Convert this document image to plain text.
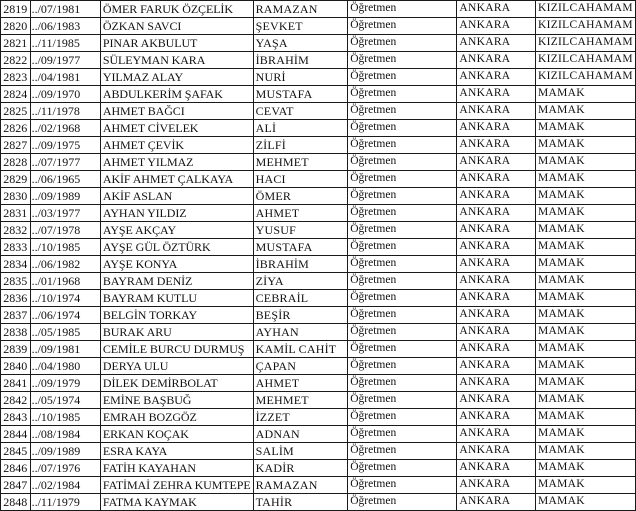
2819	../07/1981	ÖMER FARUK ÖZÇELİK	RAMAZAN	Öğretmen	ANKARA	KIZILCAHAMAM
2820	../06/1983	ÖZKAN SAVCI	ŞEVKET	Öğretmen	ANKARA	KIZILCAHAMAM
2821	../11/1985	PINAR AKBULUT	YAŞA	Öğretmen	ANKARA	KIZILCAHAMAM
2822	../09/1977	SÜLEYMAN KARA	İBRAHİM	Öğretmen	ANKARA	KIZILCAHAMAM
2823	../04/1981	YILMAZ ALAY	NURİ	Öğretmen	ANKARA	KIZILCAHAMAM
2824	../09/1970	ABDULKERİM ŞAFAK	MUSTAFA	Öğretmen	ANKARA	MAMAK
2825	../11/1978	AHMET BAĞCI	CEVAT	Öğretmen	ANKARA	MAMAK
2826	../02/1968	AHMET CİVELEK	ALİ	Öğretmen	ANKARA	MAMAK
2827	../09/1975	AHMET ÇEVİK	ZİLFİ	Öğretmen	ANKARA	MAMAK
2828	../07/1977	AHMET YILMAZ	MEHMET	Öğretmen	ANKARA	MAMAK
2829	../06/1965	AKİF AHMET ÇALKAYA	HACI	Öğretmen	ANKARA	MAMAK
2830	../09/1989	AKİF ASLAN	ÖMER	Öğretmen	ANKARA	MAMAK
2831	../03/1977	AYHAN YILDIZ	AHMET	Öğretmen	ANKARA	MAMAK
2832	../07/1978	AYŞE AKÇAY	YUSUF	Öğretmen	ANKARA	MAMAK
2833	../10/1985	AYŞE GÜL ÖZTÜRK	MUSTAFA	Öğretmen	ANKARA	MAMAK
2834	../06/1982	AYŞE KONYA	İBRAHİM	Öğretmen	ANKARA	MAMAK
2835	../01/1968	BAYRAM DENİZ	ZİYA	Öğretmen	ANKARA	MAMAK
2836	../10/1974	BAYRAM KUTLU	CEBRAİL	Öğretmen	ANKARA	MAMAK
2837	../06/1974	BELGİN TORKAY	BEŞİR	Öğretmen	ANKARA	MAMAK
2838	../05/1985	BURAK ARU	AYHAN	Öğretmen	ANKARA	MAMAK
2839	../09/1981	CEMİLE BURCU DURMUŞ	KAMİL CAHİT	Öğretmen	ANKARA	MAMAK
2840	../04/1980	DERYA ULU	ÇAPAN	Öğretmen	ANKARA	MAMAK
2841	../09/1979	DİLEK DEMİRBOLAT	AHMET	Öğretmen	ANKARA	MAMAK
2842	../05/1974	EMİNE BAŞBUĞ	MEHMET	Öğretmen	ANKARA	MAMAK
2843	../10/1985	EMRAH BOZGÖZ	İZZET	Öğretmen	ANKARA	MAMAK
2844	../08/1984	ERKAN KOÇAK	ADNAN	Öğretmen	ANKARA	MAMAK
2845	../09/1989	ESRA KAYA	SALİM	Öğretmen	ANKARA	MAMAK
2846	../07/1976	FATİH KAYAHAN	KADİR	Öğretmen	ANKARA	MAMAK
2847	../02/1984	FATİMAİ ZEHRA KUMTEPE	RAMAZAN	Öğretmen	ANKARA	MAMAK
2848	../11/1979	FATMA KAYMAK	TAHİR	Öğretmen	ANKARA	MAMAK
